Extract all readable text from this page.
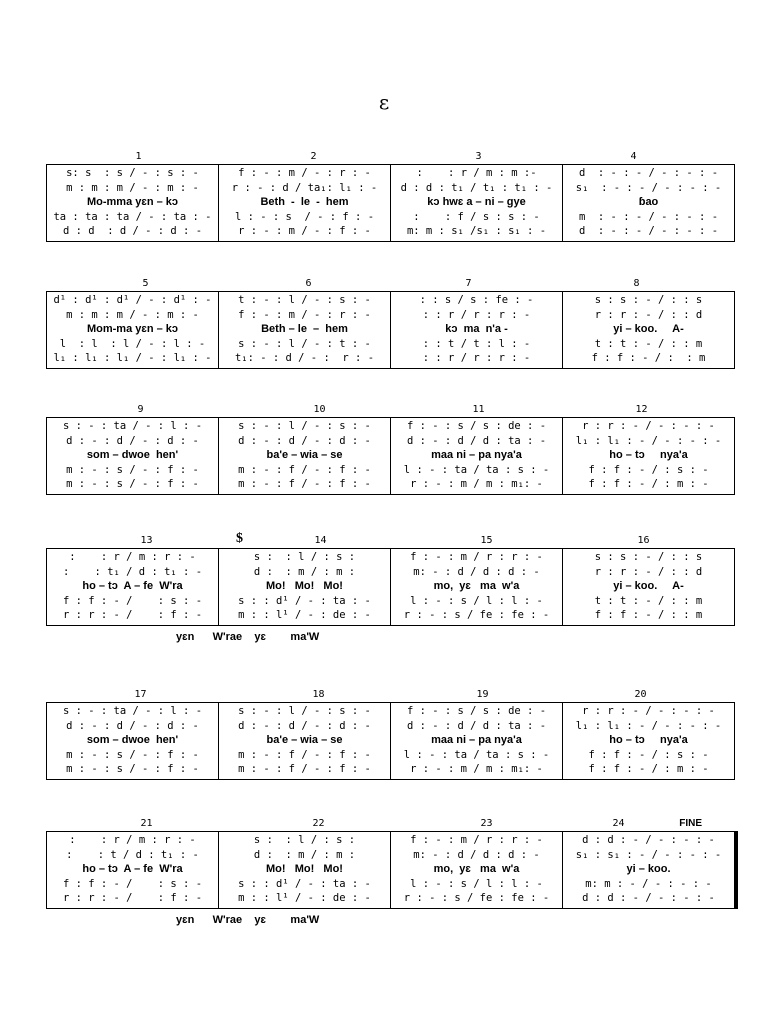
ε
1	2	3	4
s: s  : s / - : s : -
m : m : m / - : m : -
Mo-mma yɛn – kɔ
ta : ta : ta / - : ta : -
d : d  : d / - : d : -

f : - : m / - : r : -
r : - : d / ta₁: l₁ : -
Beth  -  le  -  hem
l : - : s  / - : f : -
r : - : m / - : f : -

:    : r / m : m :-
d : d : t₁ / t₁ : t₁ : -
kɔ hwɛ a – ni – gye
:    : f / s : s : -
m: m : s₁ /s₁ : s₁ : -

d  : - : - / - : - : -
s₁  : - : - / - : - : -
ɓao
m  : - : - / - : - : -
d  : - : - / - : - : -
5	6	7	8
d¹ : d¹ : d¹ / - : d¹ : -
m : m : m / - : m : -
Mom-ma yɛn – kɔ
l  : l  : l / - : l : -
l₁ : l₁ : l₁ / - : l₁ : -

t : - : l / - : s : -
f : - : m / - : r : -
Beth – le  –  hem
s : - : l / - : t : -
t₁: - : d / - :  r : -

: : s / s : fe : -
: : r / r : r : -
kɔ  ma  n'a -
: : t / t : l : -
: : r / r : r : -

s : s : - / : : s
r : r : - / : : d
yi – koo.     A-
t : t : - / : : m
f : f : - / :  : m
9	10	11	12
s : - : ta / - : l : -
d : - : d / - : d : -
som – dwoe  hen'
m : - : s / - : f : -
m : - : s / - : f : -

s : - : l / - : s : -
d : - : d / - : d : -
ba'e – wia – se
m : - : f / - : f : -
m : - : f / - : f : -

f : - : s / s : de : -
d : - : d / d : ta : -
maa ni – pa nya'a
l : - : ta / ta : s : -
r : - : m / m : m₁: -

r : r : - / - : - : -
l₁ : l₁ : - / - : - : -
ho – tɔ     nya'a
f : f : - / : s : -
f : f : - / : m : -
13	$	14	15	16
:    : r / m : r : -
:    : t₁ / d : t₁ : -
ho – tɔ  A – fe  W'ra
f : f : - /    : s : -
r : r : - /    : f : -

s :  : l / : s :
d :  : m / : m :
Mo!   Mo!   Mo!
s : : d¹ / - : ta : -
m : : l¹ / - : de : -

f : - : m / r : r : -
m: - : d / d : d : -
mo,  yɛ   ma  w'a
l : - : s / l : l : -
r : - : s / fe : fe : -

s : s : - / : : s
r : r : - / : : d
yi – koo.     A-
t : t : - / : : m
f : f : - / : : m
yɛn      W'rae    yɛ        ma'W
17	18	19	20
s : - : ta / - : l : -
d : - : d / - : d : -
som – dwoe  hen'
m : - : s / - : f : -
m : - : s / - : f : -

s : - : l / - : s : -
d : - : d / - : d : -
ba'e – wia – se
m : - : f / - : f : -
m : - : f / - : f : -

f : - : s / s : de : -
d : - : d / d : ta : -
maa ni – pa nya'a
l : - : ta / ta : s : -
r : - : m / m : m₁: -

r : r : - / - : - : -
l₁ : l₁ : - / - : - : -
ho – tɔ     nya'a
f : f : - / : s : -
f : f : - / : m : -
21	22	23	24	FINE
:    : r / m : r : -
:    : t / d : t₁ : -
ho – tɔ  A – fe  W'ra
f : f : - /    : s : -
r : r : - /    : f : -

s :  : l / : s :
d :  : m / : m :
Mo!   Mo!   Mo!
s : : d¹ / - : ta : -
m : : l¹ / - : de : -

f : - : m / r : r : -
m: - : d / d : d : -
mo,  yɛ   ma  w'a
l : - : s / l : l : -
r : - : s / fe : fe : -

d : d : - / - : - : -
s₁ : s₁ : - / - : - : -
yi – koo.
m: m : - / - : - : -
d : d : - / - : - : -
yɛn      W'rae    yɛ        ma'W
